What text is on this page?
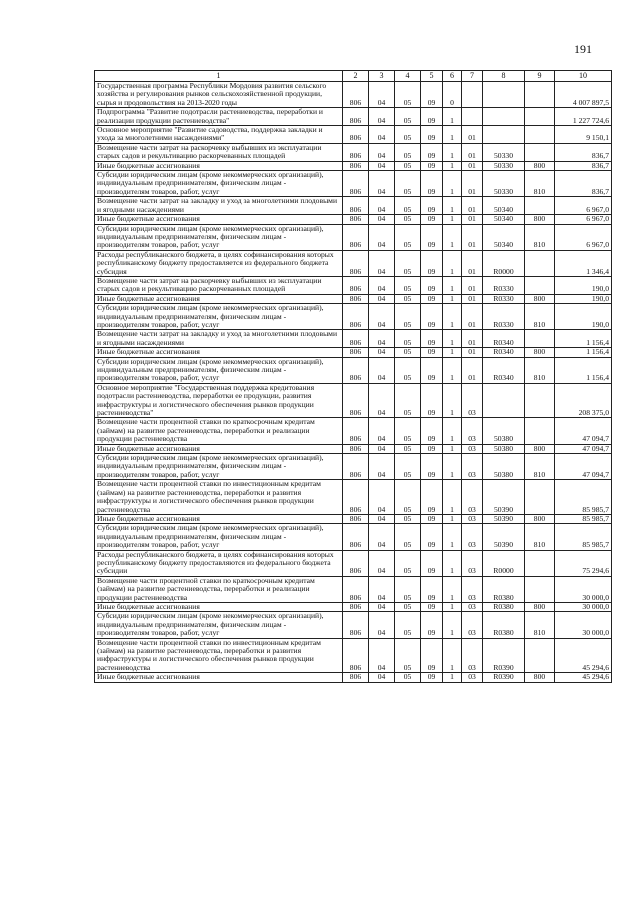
191
1	2	3	4	5	6	7	8	9	10
Государственная программа Республики Мордовия развития сельского хозяйства и регулирования рынков сельскохозяйственной продукции, сырья и продовольствия на 2013-2020 годы	806	04	05	09	0				4 007 897,5
Подпрограмма "Развитие подотрасли растениеводства, переработки и реализации продукции растениеводства"	806	04	05	09	1				1 227 724,6
Основное мероприятие "Развитие садоводства, поддержка закладки и ухода за многолетними насаждениями"	806	04	05	09	1	01			9 150,1
Возмещение части затрат на раскорчевку выбывших из эксплуатации старых садов и рекультивацию раскорчеванных площадей	806	04	05	09	1	01	50330		836,7
Иные бюджетные ассигнования	806	04	05	09	1	01	50330	800	836,7
Субсидии юридическим лицам (кроме некоммерческих организаций), индивидуальным предпринимателям, физическим лицам - производителям товаров, работ, услуг	806	04	05	09	1	01	50330	810	836,7
Возмещение части затрат на закладку и уход за многолетними плодовыми и ягодными насаждениями	806	04	05	09	1	01	50340		6 967,0
Иные бюджетные ассигнования	806	04	05	09	1	01	50340	800	6 967,0
Субсидии юридическим лицам (кроме некоммерческих организаций), индивидуальным предпринимателям, физическим лицам - производителям товаров, работ, услуг	806	04	05	09	1	01	50340	810	6 967,0
Расходы республиканского бюджета, в целях софинансирования которых республиканскому бюджету предоставляется из федерального бюджета субсидия	806	04	05	09	1	01	R0000		1 346,4
Возмещение части затрат на раскорчевку выбывших из эксплуатации старых садов и рекультивацию раскорчеванных площадей	806	04	05	09	1	01	R0330		190,0
Иные бюджетные ассигнования	806	04	05	09	1	01	R0330	800	190,0
Субсидии юридическим лицам (кроме некоммерческих организаций), индивидуальным предпринимателям, физическим лицам - производителям товаров, работ, услуг	806	04	05	09	1	01	R0330	810	190,0
Возмещение части затрат на закладку и уход за многолетними плодовыми и ягодными насаждениями	806	04	05	09	1	01	R0340		1 156,4
Иные бюджетные ассигнования	806	04	05	09	1	01	R0340	800	1 156,4
Субсидии юридическим лицам (кроме некоммерческих организаций), индивидуальным предпринимателям, физическим лицам - производителям товаров, работ, услуг	806	04	05	09	1	01	R0340	810	1 156,4
Основное мероприятие "Государственная поддержка кредитования подотрасли растениеводства, переработки ее продукции, развития инфраструктуры и логистического обеспечения рынков продукции растениеводства"	806	04	05	09	1	03			208 375,0
Возмещение части процентной ставки по краткосрочным кредитам (займам) на развитие растениеводства, переработки и реализации продукции растениеводства	806	04	05	09	1	03	50380		47 094,7
Иные бюджетные ассигнования	806	04	05	09	1	03	50380	800	47 094,7
Субсидии юридическим лицам (кроме некоммерческих организаций), индивидуальным предпринимателям, физическим лицам - производителям товаров, работ, услуг	806	04	05	09	1	03	50380	810	47 094,7
Возмещение части процентной ставки по инвестиционным кредитам (займам) на развитие растениеводства, переработки и развития инфраструктуры и логистического обеспечения рынков продукции растениеводства	806	04	05	09	1	03	50390		85 985,7
Иные бюджетные ассигнования	806	04	05	09	1	03	50390	800	85 985,7
Субсидии юридическим лицам (кроме некоммерческих организаций), индивидуальным предпринимателям, физическим лицам - производителям товаров, работ, услуг	806	04	05	09	1	03	50390	810	85 985,7
Расходы республиканского бюджета, в целях софинансирования которых республиканскому бюджету предоставляются из федерального бюджета субсидии	806	04	05	09	1	03	R0000		75 294,6
Возмещение части процентной ставки по краткосрочным кредитам (займам) на развитие растениеводства, переработки и реализации продукции растениеводства	806	04	05	09	1	03	R0380		30 000,0
Иные бюджетные ассигнования	806	04	05	09	1	03	R0380	800	30 000,0
Субсидии юридическим лицам (кроме некоммерческих организаций), индивидуальным предпринимателям, физическим лицам - производителям товаров, работ, услуг	806	04	05	09	1	03	R0380	810	30 000,0
Возмещение части процентной ставки по инвестиционным кредитам (займам) на развитие растениеводства, переработки и развития инфраструктуры и логистического обеспечения рынков продукции растениеводства	806	04	05	09	1	03	R0390		45 294,6
Иные бюджетные ассигнования	806	04	05	09	1	03	R0390	800	45 294,6
